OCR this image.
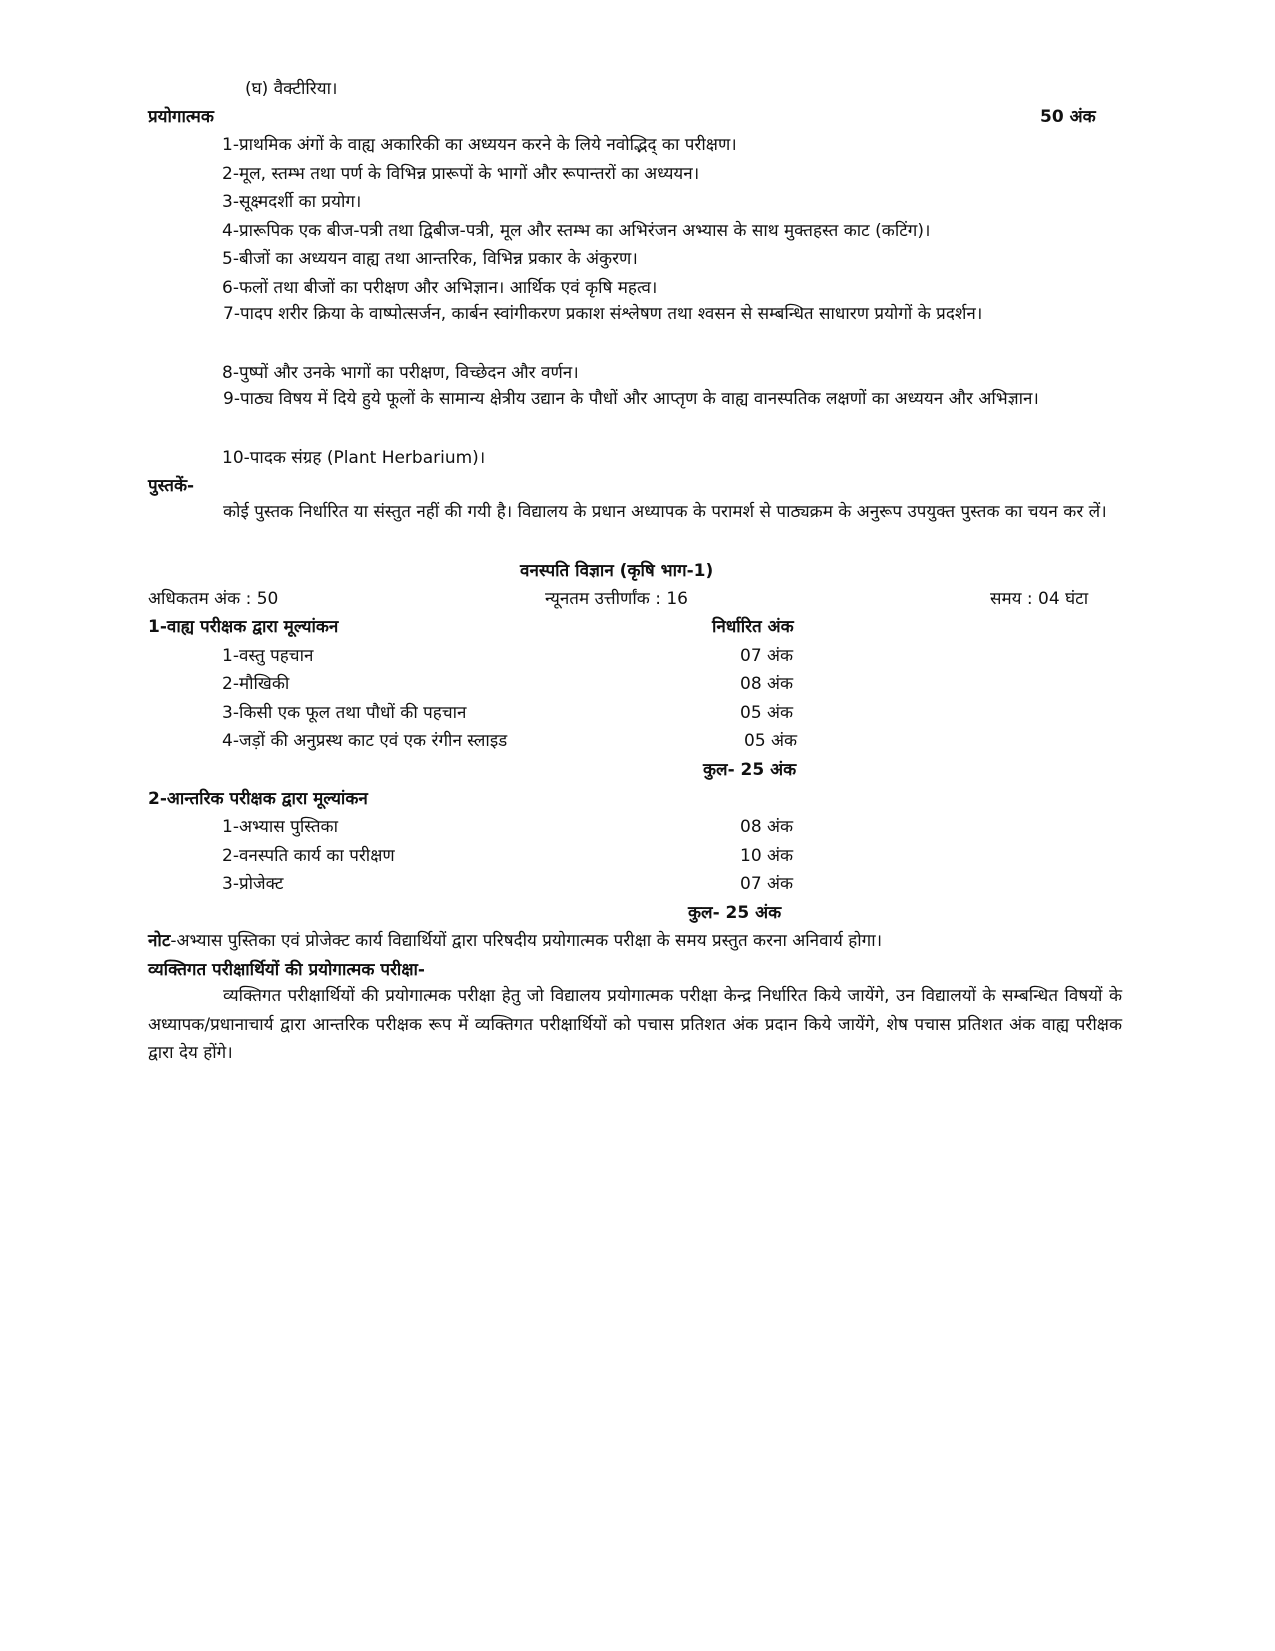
(घ) वैक्टीरिया।
प्रयोगात्मक	50 अंक
1-प्राथमिक अंगों के वाह्य अकारिकी का अध्ययन करने के लिये नवोद्भिद् का परीक्षण।
2-मूल, स्तम्भ तथा पर्ण के विभिन्न प्रारूपों के भागों और रूपान्तरों का अध्ययन।
3-सूक्ष्मदर्शी का प्रयोग।
4-प्रारूपिक एक बीज-पत्री तथा द्विबीज-पत्री, मूल और स्तम्भ का अभिरंजन अभ्यास के साथ मुक्तहस्त काट (कटिंग)।
5-बीजों का अध्ययन वाह्य तथा आन्तरिक, विभिन्न प्रकार के अंकुरण।
6-फलों तथा बीजों का परीक्षण और अभिज्ञान। आर्थिक एवं कृषि महत्व।
7-पादप शरीर क्रिया के वाष्पोत्सर्जन, कार्बन स्वांगीकरण प्रकाश संश्लेषण तथा श्वसन से सम्बन्धित साधारण प्रयोगों के प्रदर्शन।
8-पुष्पों और उनके भागों का परीक्षण, विच्छेदन और वर्णन।
9-पाठ्य विषय में दिये हुये फूलों के सामान्य क्षेत्रीय उद्यान के पौधों और आप्तृण के वाह्य वानस्पतिक लक्षणों का अध्ययन और अभिज्ञान।
10-पादक संग्रह (Plant Herbarium)।
पुस्तकें-
कोई पुस्तक निर्धारित या संस्तुत नहीं की गयी है। विद्यालय के प्रधान अध्यापक के परामर्श से पाठ्यक्रम के अनुरूप उपयुक्त पुस्तक का चयन कर लें।
वनस्पति विज्ञान (कृषि भाग-1)
अधिकतम अंक : 50	न्यूनतम उत्तीर्णांक : 16	समय : 04 घंटा
1-वाह्य परीक्षक द्वारा मूल्यांकन	निर्धारित अंक
1-वस्तु पहचान	07 अंक
2-मौखिकी	08 अंक
3-किसी एक फूल तथा पौधों की पहचान	05 अंक
4-जड़ों की अनुप्रस्थ काट एवं एक रंगीन स्लाइड	05 अंक
कुल- 25 अंक
2-आन्तरिक परीक्षक द्वारा मूल्यांकन
1-अभ्यास पुस्तिका	08 अंक
2-वनस्पति कार्य का परीक्षण	10 अंक
3-प्रोजेक्ट	07 अंक
कुल- 25 अंक
नोट-अभ्यास पुस्तिका एवं प्रोजेक्ट कार्य विद्यार्थियों द्वारा परिषदीय प्रयोगात्मक परीक्षा के समय प्रस्तुत करना अनिवार्य होगा।
व्यक्तिगत परीक्षार्थियों की प्रयोगात्मक परीक्षा-
व्यक्तिगत परीक्षार्थियों की प्रयोगात्मक परीक्षा हेतु जो विद्यालय प्रयोगात्मक परीक्षा केन्द्र निर्धारित किये जायेंगे, उन विद्यालयों के सम्बन्धित विषयों के अध्यापक/प्रधानाचार्य द्वारा आन्तरिक परीक्षक रूप में व्यक्तिगत परीक्षार्थियों को पचास प्रतिशत अंक प्रदान किये जायेंगे, शेष पचास प्रतिशत अंक वाह्य परीक्षक द्वारा देय होंगे।
